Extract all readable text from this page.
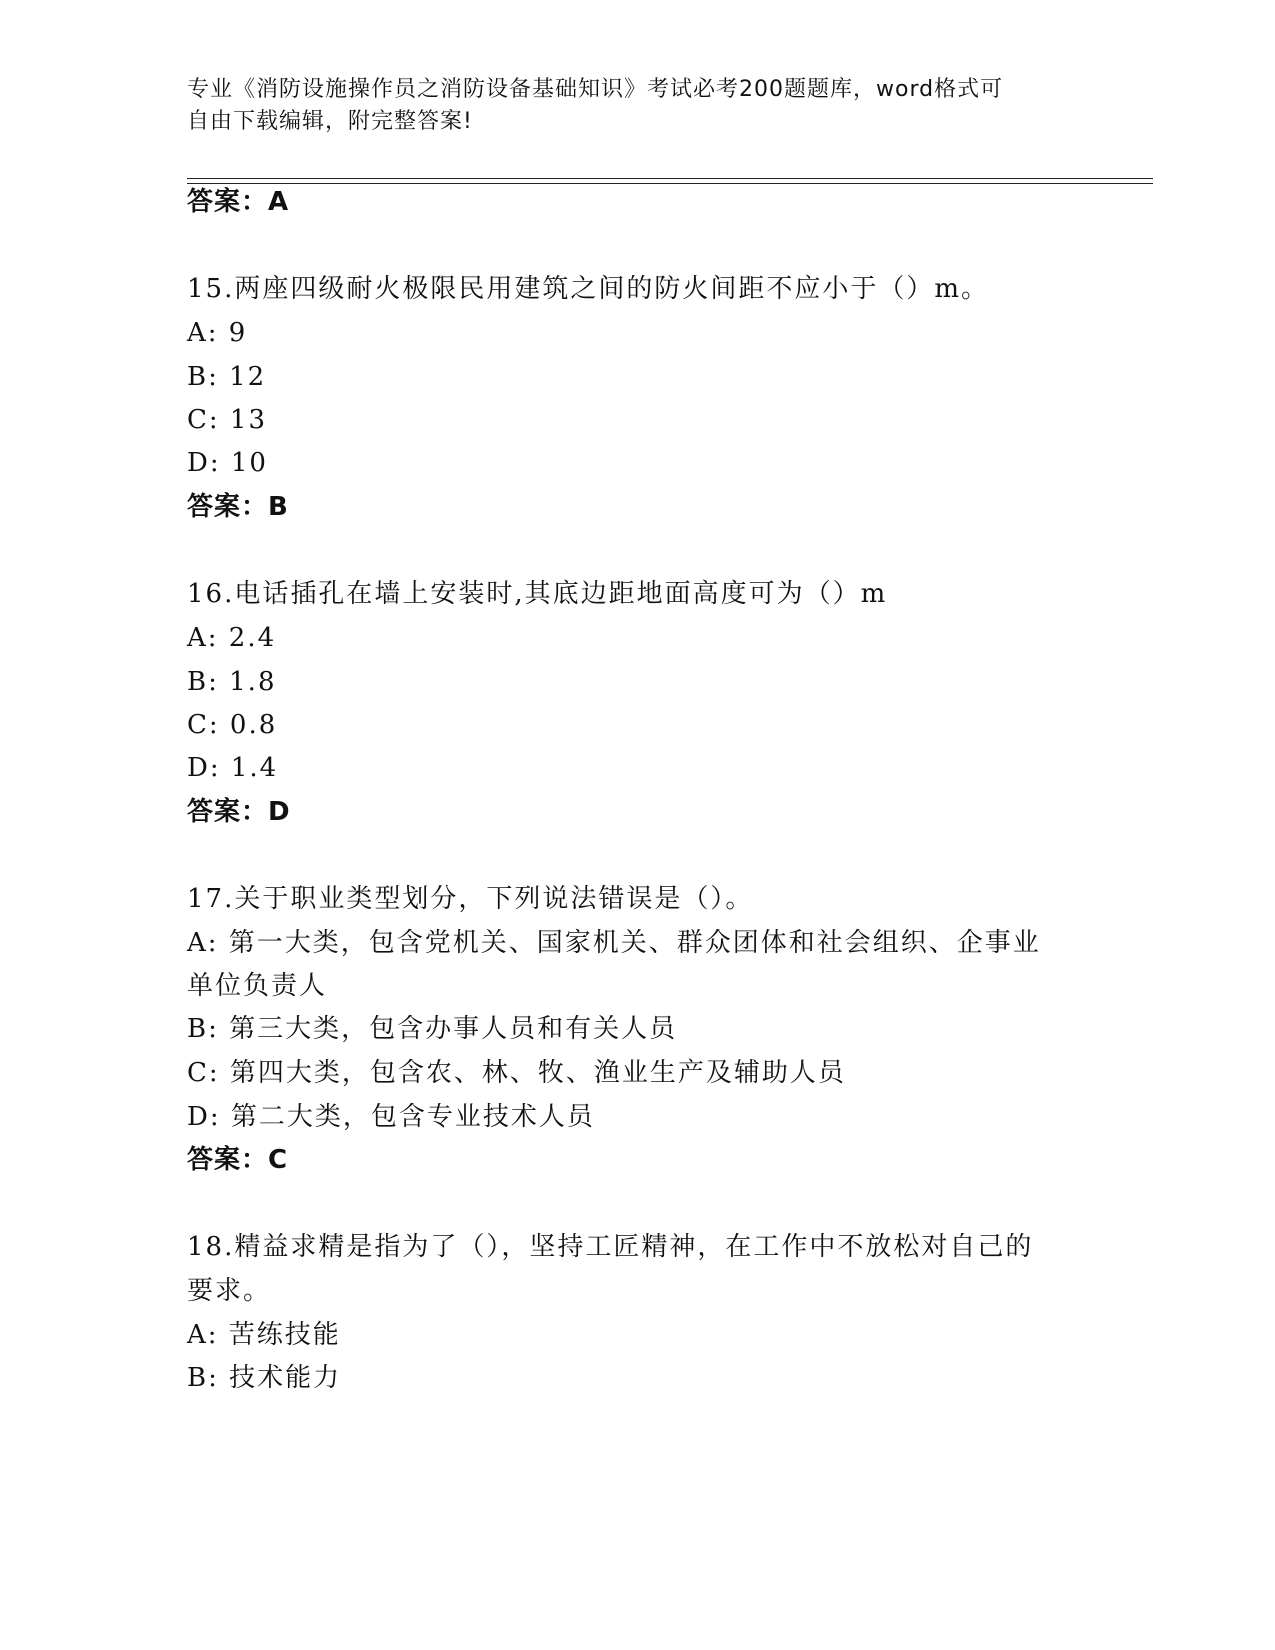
专业《消防设施操作员之消防设备基础知识》考试必考200题题库，word格式可
自由下载编辑，附完整答案!
答案：A
15.两座四级耐火极限民用建筑之间的防火间距不应小于（）m。
A: 9
B: 12
C: 13
D: 10
答案：B
16.电话插孔在墙上安装时,其底边距地面高度可为（）m
A: 2.4
B: 1.8
C: 0.8
D: 1.4
答案：D
17.关于职业类型划分，下列说法错误是（）。
A: 第一大类，包含党机关、国家机关、群众团体和社会组织、企事业
单位负责人
B: 第三大类，包含办事人员和有关人员
C: 第四大类，包含农、林、牧、渔业生产及辅助人员
D: 第二大类，包含专业技术人员
答案：C
18.精益求精是指为了（），坚持工匠精神，在工作中不放松对自己的
要求。
A: 苦练技能
B: 技术能力
